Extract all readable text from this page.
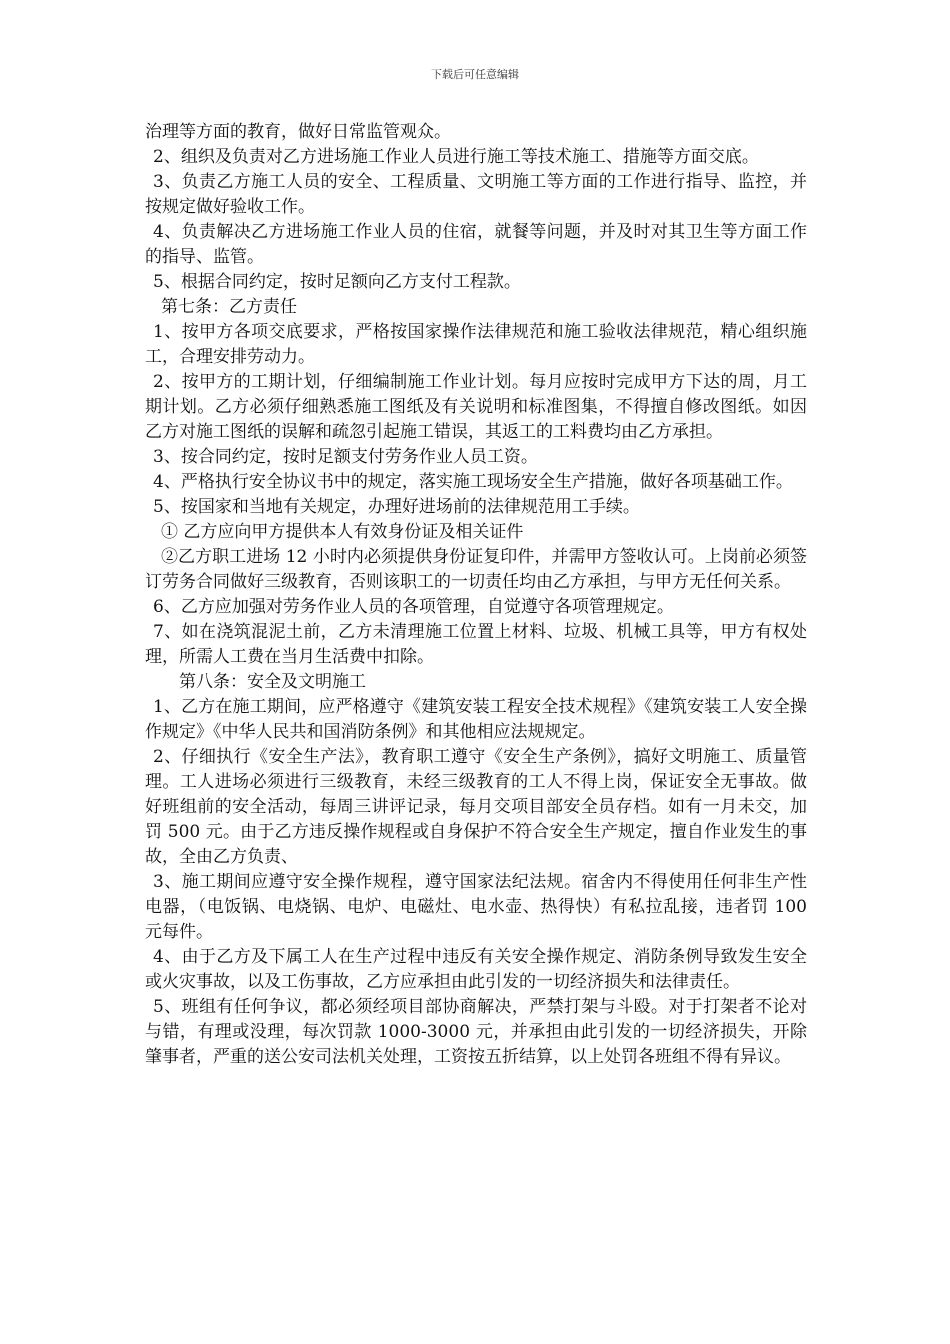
下载后可任意编辑

治理等方面的教育，做好日常监管观众。

2、组织及负责对乙方进场施工作业人员进行施工等技术施工、措施等方面交底。

3、负责乙方施工人员的安全、工程质量、文明施工等方面的工作进行指导、监控，并按规定做好验收工作。

4、负责解决乙方进场施工作业人员的住宿，就餐等问题，并及时对其卫生等方面工作的指导、监管。

5、根据合同约定，按时足额向乙方支付工程款。

第七条：乙方责任

1、按甲方各项交底要求，严格按国家操作法律规范和施工验收法律规范，精心组织施工，合理安排劳动力。

2、按甲方的工期计划，仔细编制施工作业计划。每月应按时完成甲方下达的周，月工期计划。乙方必须仔细熟悉施工图纸及有关说明和标准图集，不得擅自修改图纸。如因乙方对施工图纸的误解和疏忽引起施工错误，其返工的工料费均由乙方承担。

3、按合同约定，按时足额支付劳务作业人员工资。

4、严格执行安全协议书中的规定，落实施工现场安全生产措施，做好各项基础工作。

5、按国家和当地有关规定，办理好进场前的法律规范用工手续。

① 乙方应向甲方提供本人有效身份证及相关证件

②乙方职工进场 12 小时内必须提供身份证复印件，并需甲方签收认可。上岗前必须签订劳务合同做好三级教育，否则该职工的一切责任均由乙方承担，与甲方无任何关系。

6、乙方应加强对劳务作业人员的各项管理，自觉遵守各项管理规定。

7、如在浇筑混泥土前，乙方未清理施工位置上材料、垃圾、机械工具等，甲方有权处理，所需人工费在当月生活费中扣除。

第八条：安全及文明施工

1、乙方在施工期间，应严格遵守《建筑安装工程安全技术规程》《建筑安装工人安全操作规定》《中华人民共和国消防条例》和其他相应法规规定。

2、仔细执行《安全生产法》，教育职工遵守《安全生产条例》，搞好文明施工、质量管理。工人进场必须进行三级教育，未经三级教育的工人不得上岗，保证安全无事故。做好班组前的安全活动，每周三讲评记录，每月交项目部安全员存档。如有一月未交，加罚 500 元。由于乙方违反操作规程或自身保护不符合安全生产规定，擅自作业发生的事故，全由乙方负责、

3、施工期间应遵守安全操作规程，遵守国家法纪法规。宿舍内不得使用任何非生产性电器，（电饭锅、电烧锅、电炉、电磁灶、电水壶、热得快）有私拉乱接，违者罚 100 元每件。

4、由于乙方及下属工人在生产过程中违反有关安全操作规定、消防条例导致发生安全或火灾事故，以及工伤事故，乙方应承担由此引发的一切经济损失和法律责任。

5、班组有任何争议，都必须经项目部协商解决，严禁打架与斗殴。对于打架者不论对与错，有理或没理，每次罚款 1000-3000 元，并承担由此引发的一切经济损失，开除肇事者，严重的送公安司法机关处理，工资按五折结算，以上处罚各班组不得有异议。
